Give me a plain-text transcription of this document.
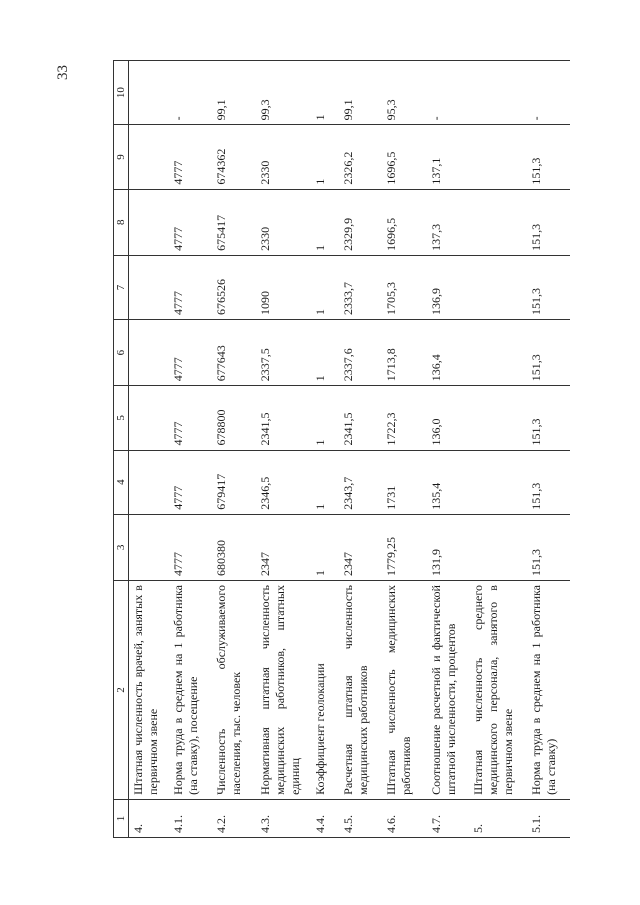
33
1	2	3	4	5	6	7	8	9	10
4.	Штатная численность врачей, занятых в первичном звене								
4.1.	Норма труда в среднем на 1 работника (на ставку), посещение	4777	4777	4777	4777	4777	4777	4777	-
4.2.	Численность обслуживаемого населения, тыс. человек	680380	679417	678800	677643	676526	675417	674362	99,1
4.3.	Нормативная штатная численность медицинских работников, штатных единиц	2347	2346,5	2341,5	2337,5	1090	2330	2330	99,3
4.4.	Коэффициент геолокации	1	1	1	1	1	1	1	1
4.5.	Расчетная штатная численность медицинских работников	2347	2343,7	2341,5	2337,6	2333,7	2329,9	2326,2	99,1
4.6.	Штатная численность медицинских работников	1779,25	1731	1722,3	1713,8	1705,3	1696,5	1696,5	95,3
4.7.	Соотношение расчетной и фактической штатной численности, процентов	131,9	135,4	136,0	136,4	136,9	137,3	137,1	-
5.	Штатная численность среднего медицинского персонала, занятого в первичном звене								
5.1.	Норма труда в среднем на 1 работника (на ставку)	151,3	151,3	151,3	151,3	151,3	151,3	151,3	-
